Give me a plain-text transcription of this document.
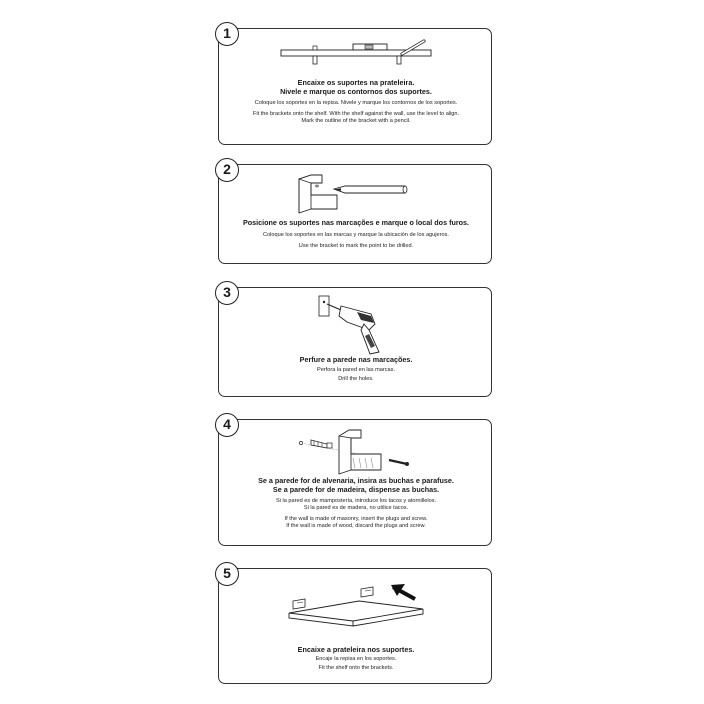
Encaixe os suportes na prateleira.
Nivele e marque os contornos dos suportes.
Coloque los soportes en la repisa. Nivele y marque los contornos de los soportes.
Fit the brackets onto the shelf. With the shelf against the wall, use the level to align.
Mark the outline of the bracket with a pencil.
1
Posicione os suportes nas marcações e marque o local dos furos.
Coloque los soportes en las marcas y marque la ubicación de los agujeros.
Use the bracket to mark the point to be drilled.
2
Perfure a parede nas marcações.
Perfora la pared en las marcas.
Drill the holes.
3
Se a parede for de alvenaria, insira as buchas e parafuse.
Se a parede for de madeira, dispense as buchas.
Si la pared es de mampostería, introduce los tacos y atornillelos.
Si la pared es de madera, no utilice tacos.
If the wall is made of masonry, insert the plugs and screw.
If the wall is made of wood, discard the plugs and screw.
4
Encaixe a prateleira nos suportes.
Encaje la repisa en los soportes.
Fit the shelf onto the brackets.
5
